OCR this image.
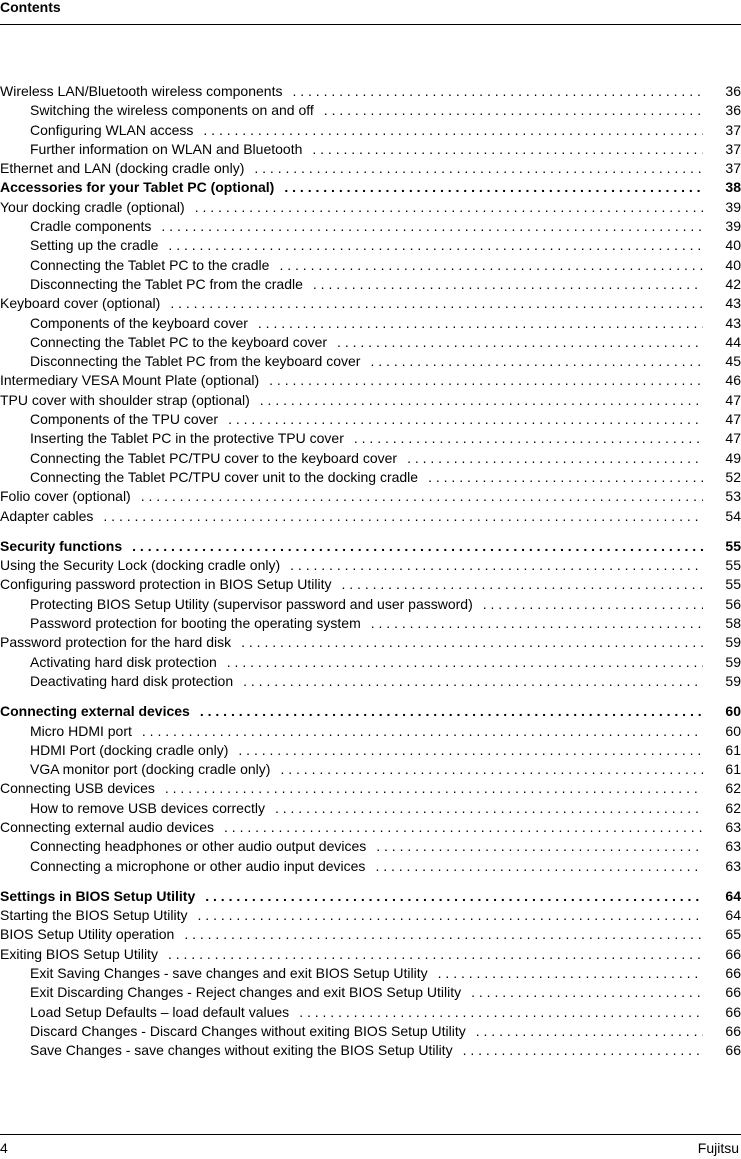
Contents
Wireless LAN/Bluetooth wireless components . . .	36
Switching the wireless components on and off . . .	36
Configuring WLAN access . . .	37
Further information on WLAN and Bluetooth . . .	37
Ethernet and LAN (docking cradle only) . . .	37
Accessories for your Tablet PC (optional) . . .	38
Your docking cradle (optional) . . .	39
Cradle components . . .	39
Setting up the cradle . . .	40
Connecting the Tablet PC to the cradle . . .	40
Disconnecting the Tablet PC from the cradle . . .	42
Keyboard cover (optional) . . .	43
Components of the keyboard cover . . .	43
Connecting the Tablet PC to the keyboard cover . . .	44
Disconnecting the Tablet PC from the keyboard cover . . .	45
Intermediary VESA Mount Plate (optional) . . .	46
TPU cover with shoulder strap (optional) . . .	47
Components of the TPU cover . . .	47
Inserting the Tablet PC in the protective TPU cover . . .	47
Connecting the Tablet PC/TPU cover to the keyboard cover . . .	49
Connecting the Tablet PC/TPU cover unit to the docking cradle . . .	52
Folio cover (optional) . . .	53
Adapter cables . . .	54
Security functions . . .	55
Using the Security Lock (docking cradle only) . . .	55
Configuring password protection in BIOS Setup Utility . . .	55
Protecting BIOS Setup Utility (supervisor password and user password) . . .	56
Password protection for booting the operating system . . .	58
Password protection for the hard disk . . .	59
Activating hard disk protection . . .	59
Deactivating hard disk protection . . .	59
Connecting external devices . . .	60
Micro HDMI port . . .	60
HDMI Port (docking cradle only) . . .	61
VGA monitor port (docking cradle only) . . .	61
Connecting USB devices . . .	62
How to remove USB devices correctly . . .	62
Connecting external audio devices . . .	63
Connecting headphones or other audio output devices . . .	63
Connecting a microphone or other audio input devices . . .	63
Settings in BIOS Setup Utility . . .	64
Starting the BIOS Setup Utility . . .	64
BIOS Setup Utility operation . . .	65
Exiting BIOS Setup Utility . . .	66
Exit Saving Changes - save changes and exit BIOS Setup Utility . . .	66
Exit Discarding Changes - Reject changes and exit BIOS Setup Utility . . .	66
Load Setup Defaults – load default values . . .	66
Discard Changes - Discard Changes without exiting BIOS Setup Utility . . .	66
Save Changes - save changes without exiting the BIOS Setup Utility . . .	66
4	Fujitsu
